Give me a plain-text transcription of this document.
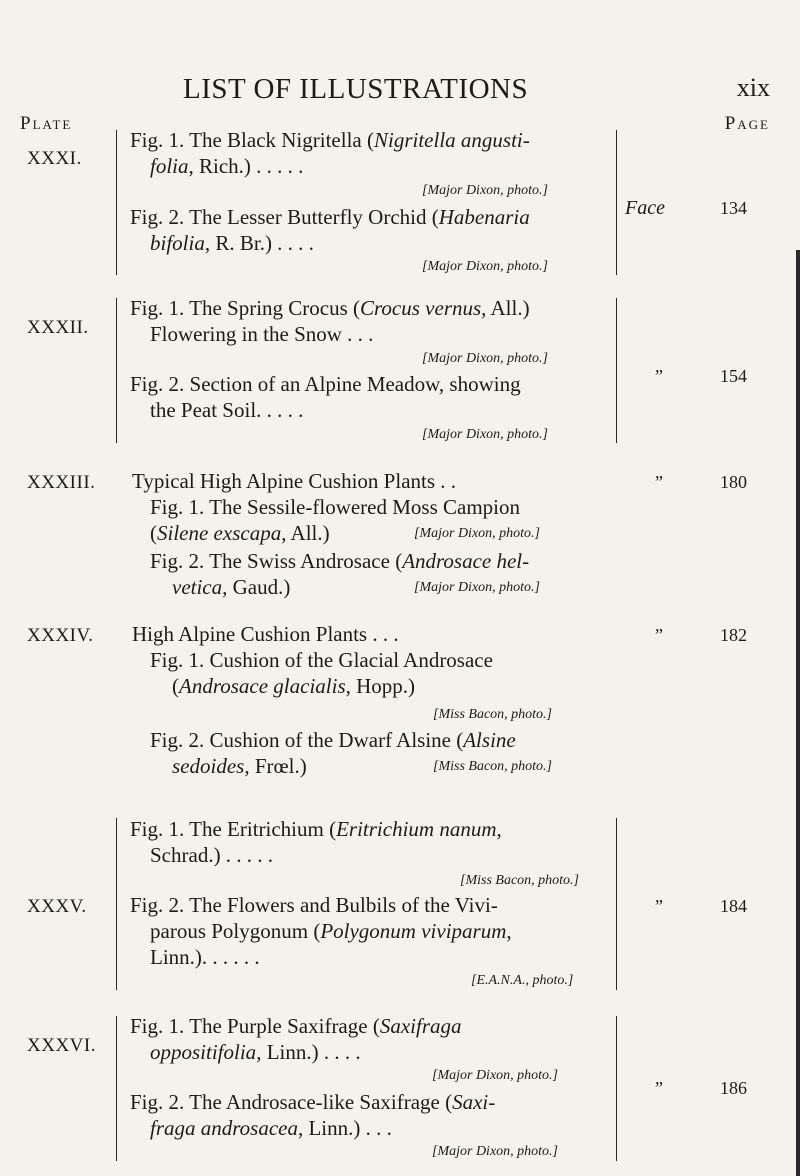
LIST OF ILLUSTRATIONS	xix
Plate	Page
XXXI.
Fig. 1. The Black Nigritella (Nigritella angusti-
folia, Rich.) . . . . .
[Major Dixon, photo.]
Fig. 2. The Lesser Butterfly Orchid (Habenaria
bifolia, R. Br.) . . . .
[Major Dixon, photo.]
Face	134
XXXII.
Fig. 1. The Spring Crocus (Crocus vernus, All.)
Flowering in the Snow . . .
[Major Dixon, photo.]
Fig. 2. Section of an Alpine Meadow, showing
the Peat Soil. . . . .
[Major Dixon, photo.]
”	154
XXXIII. Typical High Alpine Cushion Plants . .
Fig. 1. The Sessile-flowered Moss Campion
(Silene exscapa, All.)	[Major Dixon, photo.]
Fig. 2. The Swiss Androsace (Androsace hel-
vetica, Gaud.)	[Major Dixon, photo.]
”	180
XXXIV. High Alpine Cushion Plants . . .
Fig. 1. Cushion of the Glacial Androsace
(Androsace glacialis, Hopp.)
[Miss Bacon, photo.]
Fig. 2. Cushion of the Dwarf Alsine (Alsine
sedoides, Frœl.)	[Miss Bacon, photo.]
”	182
XXXV.
Fig. 1. The Eritrichium (Eritrichium nanum,
Schrad.) . . . . .
[Miss Bacon, photo.]
Fig. 2. The Flowers and Bulbils of the Vivi-
parous Polygonum (Polygonum viviparum,
Linn.). . . . . .
[E.A.N.A., photo.]
”	184
XXXVI.
Fig. 1. The Purple Saxifrage (Saxifraga
oppositifolia, Linn.) . . . .
[Major Dixon, photo.]
Fig. 2. The Androsace-like Saxifrage (Saxi-
fraga androsacea, Linn.) . . .
[Major Dixon, photo.]
”	186
